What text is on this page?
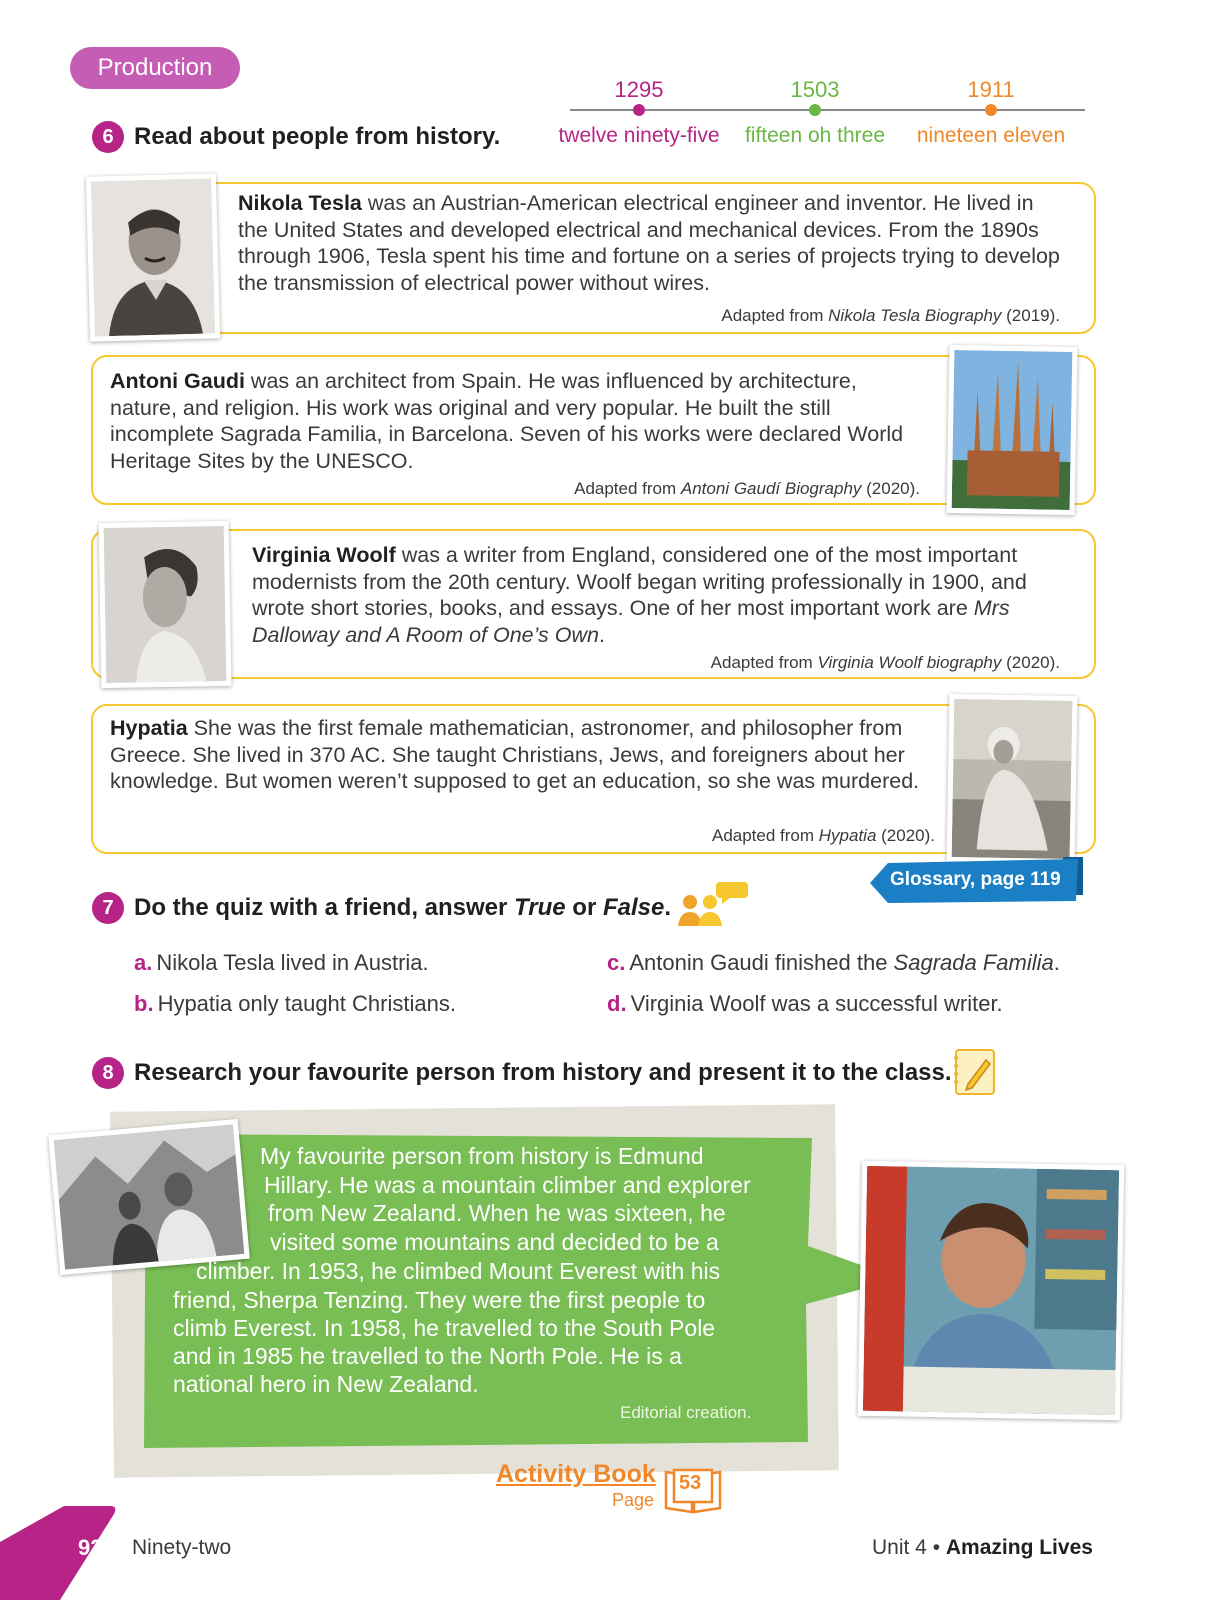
Production
1295
twelve ninety-five
1503
fifteen oh three
1911
nineteen eleven
6 Read about people from history.
Nikola Tesla was an Austrian-American electrical engineer and inventor. He lived in the United States and developed electrical and mechanical devices. From the 1890s through 1906, Tesla spent his time and fortune on a series of projects trying to develop the transmission of electrical power without wires.
Adapted from Nikola Tesla Biography (2019).
Antoni Gaudi was an architect from Spain. He was influenced by architecture, nature, and religion. His work was original and very popular. He built the still incomplete Sagrada Familia, in Barcelona. Seven of his works were declared World Heritage Sites by the UNESCO.
Adapted from Antoni Gaudí Biography (2020).
Virginia Woolf was a writer from England, considered one of the most important modernists from the 20th century. Woolf began writing professionally in 1900, and wrote short stories, books, and essays. One of her most important work are Mrs Dalloway and A Room of One’s Own.
Adapted from Virginia Woolf biography (2020).
Hypatia She was the first female mathematician, astronomer, and philosopher from Greece. She lived in 370 AC. She taught Christians, Jews, and foreigners about her knowledge. But women weren’t supposed to get an education, so she was murdered.
Adapted from Hypatia (2020).
7 Do the quiz with a friend, answer True or False.
Glossary, page 119
a. Nikola Tesla lived in Austria.
b. Hypatia only taught Christians.
c. Antonin Gaudi finished the Sagrada Familia.
d. Virginia Woolf was a successful writer.
8 Research your favourite person from history and present it to the class.
My favourite person from history is Edmund
Hillary. He was a mountain climber and explorer
from New Zealand. When he was sixteen, he
visited some mountains and decided to be a
climber. In 1953, he climbed Mount Everest with his
friend, Sherpa Tenzing. They were the first people to
climb Everest. In 1958, he travelled to the South Pole
and in 1985 he travelled to the North Pole. He is a
national hero in New Zealand.
Editorial creation.
Activity Book
Page
53
92 Ninety-two	Unit 4 • Amazing Lives
